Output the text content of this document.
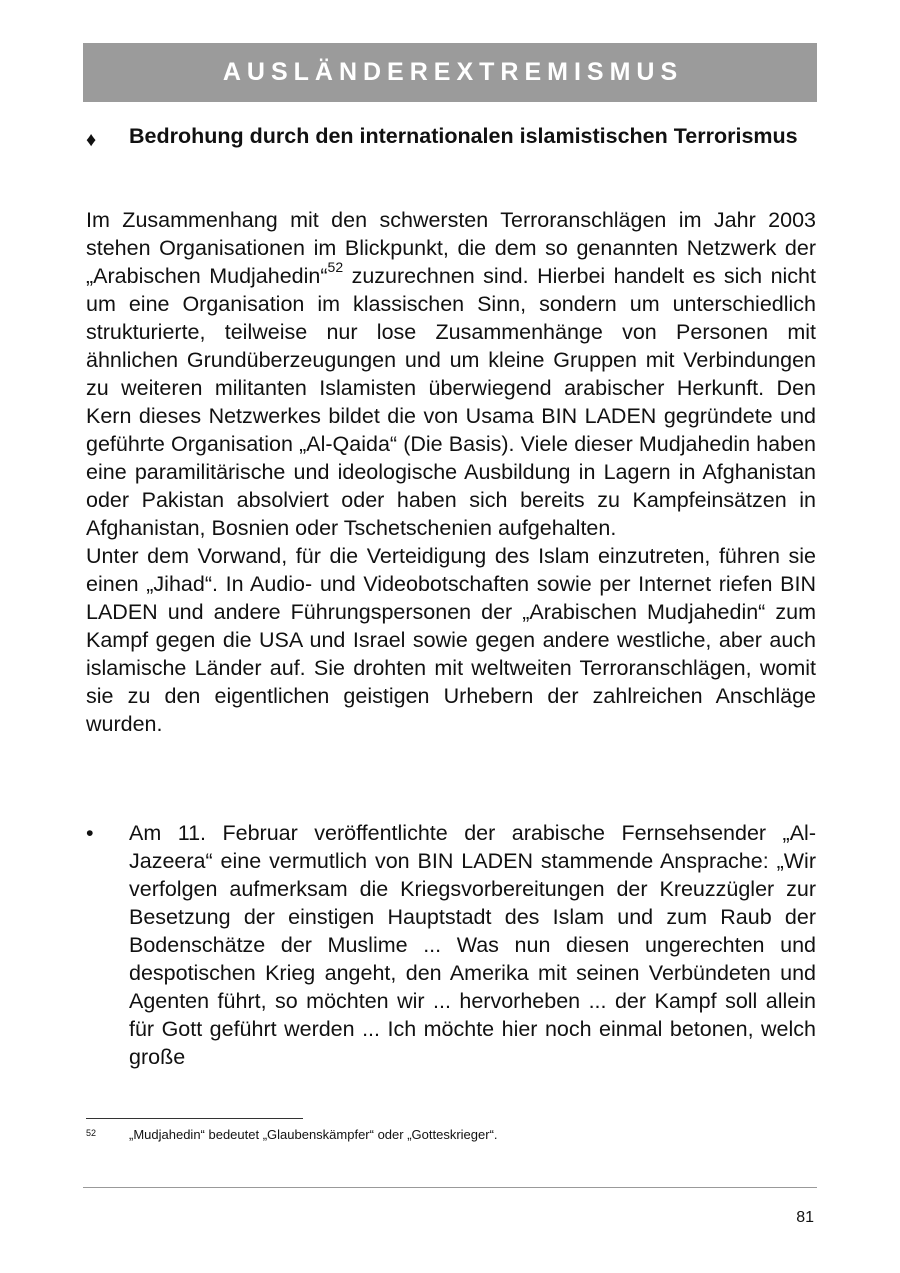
AUSLÄNDEREXTREMISMUS
♦ Bedrohung durch den internationalen islamistischen Terrorismus

Im Zusammenhang mit den schwersten Terroranschlägen im Jahr 2003 stehen Organisationen im Blickpunkt, die dem so genannten Netzwerk der „Arabischen Mudjahedin“$^{52}$ zuzurechnen sind. Hierbei handelt es sich nicht um eine Organisation im klassischen Sinn, sondern um unterschiedlich strukturierte, teilweise nur lose Zusammenhänge von Personen mit ähnlichen Grundüberzeugungen und um kleine Gruppen mit Verbindungen zu weiteren militanten Islamisten überwiegend arabischer Herkunft. Den Kern dieses Netzwerkes bildet die von Usama BIN LADEN gegründete und geführte Organisation „Al-Qaida“ (Die Basis). Viele dieser Mudjahedin haben eine paramilitärische und ideologische Ausbildung in Lagern in Afghanistan oder Pakistan absolviert oder haben sich bereits zu Kampfeinsätzen in Afghanistan, Bosnien oder Tschetschenien aufgehalten.

Unter dem Vorwand, für die Verteidigung des Islam einzutreten, führen sie einen „Jihad“. In Audio- und Videobotschaften sowie per Internet riefen BIN LADEN und andere Führungspersonen der „Arabischen Mudjahedin“ zum Kampf gegen die USA und Israel sowie gegen andere westliche, aber auch islamische Länder auf. Sie drohten mit weltweiten Terroranschlägen, womit sie zu den eigentlichen geistigen Urhebern der zahlreichen Anschläge wurden.

• Am 11. Februar veröffentlichte der arabische Fernsehsender „Al-Jazeera“ eine vermutlich von BIN LADEN stammende Ansprache: „Wir verfolgen aufmerksam die Kriegsvorbereitungen der Kreuzzügler zur Besetzung der einstigen Hauptstadt des Islam und zum Raub der Bodenschätze der Muslime ... Was nun diesen ungerechten und despotischen Krieg angeht, den Amerika mit seinen Verbündeten und Agenten führt, so möchten wir ... hervorheben ... der Kampf soll allein für Gott geführt werden ... Ich möchte hier noch einmal betonen, welch große
52	„Mudjahedin“ bedeutet „Glaubenskämpfer“ oder „Gotteskrieger“.
81
